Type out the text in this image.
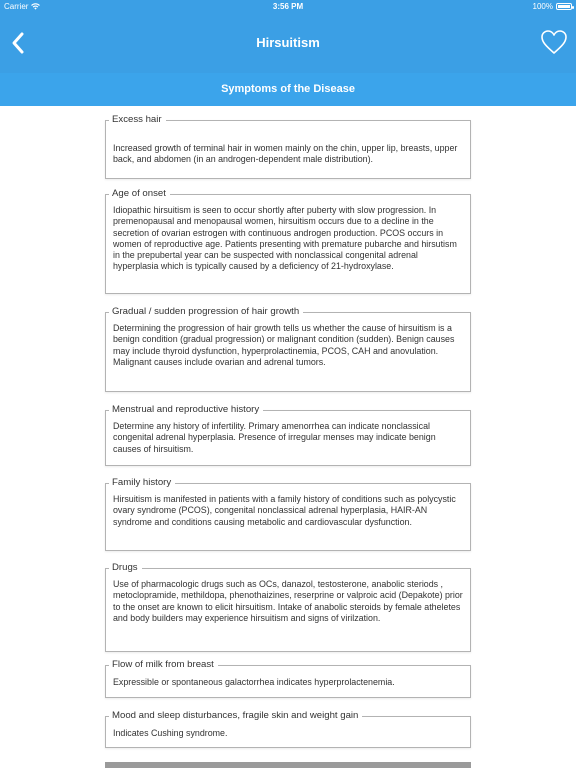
Carrier	3:56 PM	100%
Hirsuitism
Symptoms of the Disease
Excess hair
Increased growth of terminal hair in women mainly on the chin, upper lip, breasts, upper back, and abdomen (in an androgen-dependent male distribution).
Age of onset
Idiopathic hirsuitism is seen to occur shortly after puberty with slow progression. In premenopausal and menopausal women, hirsuitism occurs due to a decline in the secretion of ovarian estrogen with continuous androgen production. PCOS occurs in women of reproductive age. Patients presenting with premature pubarche and hirsutism in the prepubertal year can be suspected with nonclassical congenital adrenal hyperplasia which is typically caused by a deficiency of 21-hydroxylase.
Gradual / sudden progression of hair growth
Determining the progression of hair growth tells us whether the cause of hirsuitism is a benign condition (gradual progression) or malignant condition (sudden). Benign causes may include thyroid dysfunction, hyperprolactinemia, PCOS, CAH and anovulation. Malignant causes include ovarian and adrenal tumors.
Menstrual and reproductive history
Determine any history of infertility. Primary amenorrhea can indicate nonclassical congenital adrenal hyperplasia. Presence of irregular menses may indicate benign causes of hirsuitism.
Family history
Hirsuitism is manifested in patients with a family history of conditions such as polycystic ovary syndrome (PCOS), congenital nonclassical adrenal hyperplasia, HAIR-AN syndrome and conditions causing metabolic and cardiovascular dysfunction.
Drugs
Use of pharmacologic drugs such as OCs, danazol, testosterone, anabolic steriods , metoclopramide, methildopa, phenothaizines, reserprine or valproic acid (Depakote) prior to the onset are known to elicit hirsuitism. Intake of anabolic steroids by female atheletes and body builders may experience hirsuitism and signs of virilzation.
Flow of milk from breast
Expressible or spontaneous galactorrhea indicates hyperprolactenemia.
Mood and sleep disturbances, fragile skin and weight gain
Indicates Cushing syndrome.
